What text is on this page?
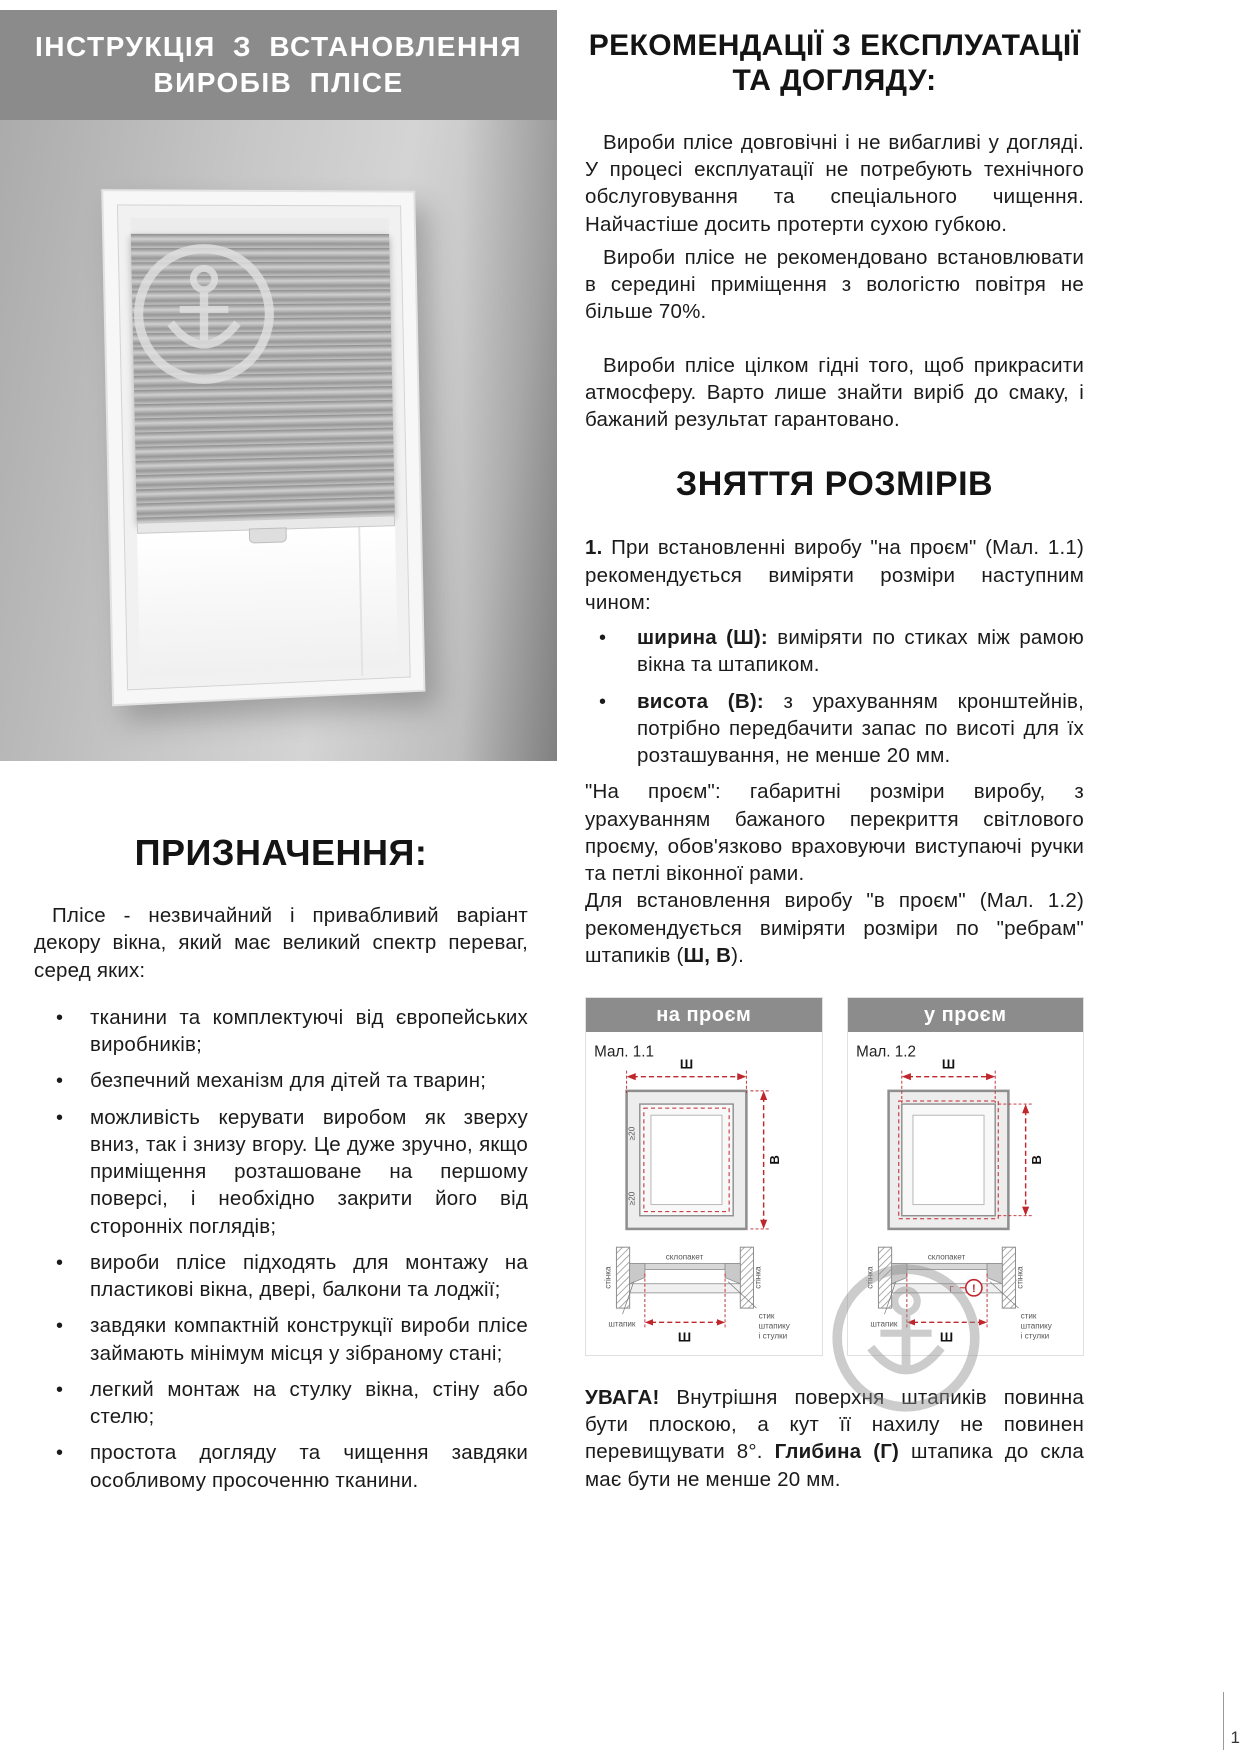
ІНСТРУКЦІЯ З ВСТАНОВЛЕННЯ
ВИРОБІВ ПЛІСЕ
ПРИЗНАЧЕННЯ:

Плісе - незвичайний і привабливий варіант декору вікна, який має великий спектр переваг, серед яких:

• тканини та комплектуючі від європейських виробників;
• безпечний механізм для дітей та тварин;
• можливість керувати виробом як зверху вниз, так і знизу вгору. Це дуже зручно, якщо приміщення розташоване на першому поверсі, і необхідно закрити його від сторонніх поглядів;
• вироби плісе підходять для монтажу на пластикові вікна, двері, балкони та лоджії;
• завдяки компактній конструкції вироби плісе займають мінімум місця у зібраному стані;
• легкий монтаж на стулку вікна, стіну або стелю;
• простота догляду та чищення завдяки особливому просоченню тканини.
РЕКОМЕНДАЦІЇ З ЕКСПЛУАТАЦІЇ
ТА ДОГЛЯДУ:

Вироби плісе довговічні і не вибагливі у догляді. У процесі експлуатації не потребують технічного обслуговування та спеціального чищення. Найчастіше досить протерти сухою губкою.

Вироби плісе не рекомендовано встановлювати в середині приміщення з вологістю повітря не більше 70%.

Вироби плісе цілком гідні того, щоб прикрасити атмосферу. Варто лише знайти виріб до смаку, і бажаний результат гарантовано.

ЗНЯТТЯ РОЗМІРІВ

1. При встановленні виробу "на проєм" (Мал. 1.1) рекомендується виміряти розміри наступним чином:

• ширина (Ш): виміряти по стиках між рамою вікна та штапиком.
• висота (В): з урахуванням кронштейнів, потрібно передбачити запас по висоті для їх розташування, не менше 20 мм.

"На проєм": габаритні розміри виробу, з урахуванням бажаного перекриття світлового проєму, обов'язково враховуючи виступаючі ручки та петлі віконної рами.

Для встановлення виробу "в проєм" (Мал. 1.2) рекомендується виміряти розміри по "ребрам" штапиків (Ш, В).

на проєм
Мал. 1.1
Ш
В
≥20
≥20
стінка	стінка
склопакет
штапик
Ш
стик
штапику
і стулки
у проєм
Мал. 1.2
Ш
В
стінка	стінка
склопакет
Г !
штапик
Ш
стик
штапику
і стулки

УВАГА! Внутрішня поверхня штапиків повинна бути плоскою, а кут її нахилу не повинен перевищувати 8°. Глибина (Г) штапика до скла має бути не менше 20 мм.

1
